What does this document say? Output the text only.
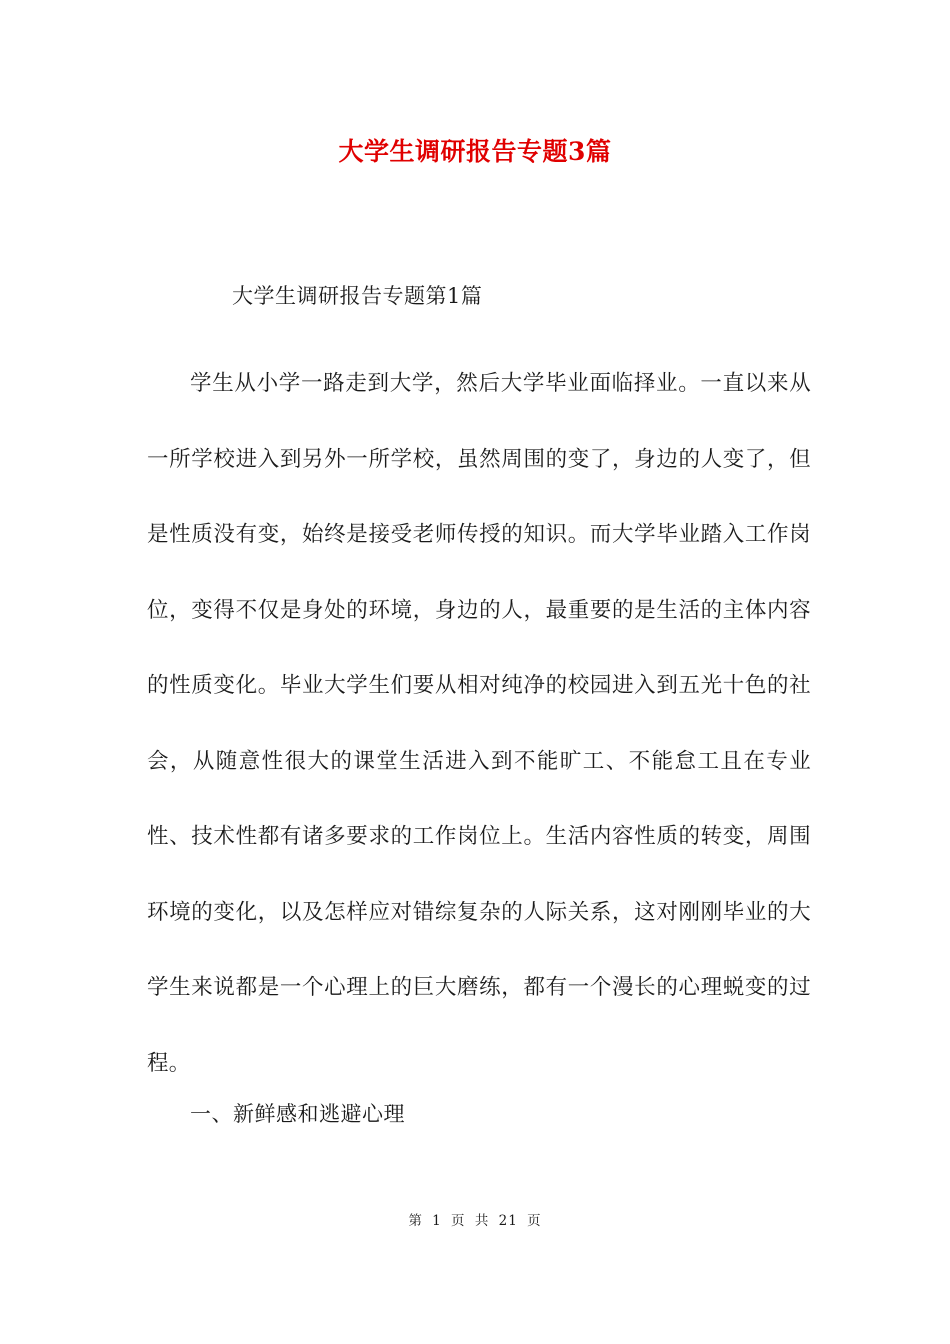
大学生调研报告专题3篇
大学生调研报告专题第1篇

学生从小学一路走到大学，然后大学毕业面临择业。一直以来从一所学校进入到另外一所学校，虽然周围的变了，身边的人变了，但是性质没有变，始终是接受老师传授的知识。而大学毕业踏入工作岗位，变得不仅是身处的环境，身边的人，最重要的是生活的主体内容的性质变化。毕业大学生们要从相对纯净的校园进入到五光十色的社会，从随意性很大的课堂生活进入到不能旷工、不能怠工且在专业性、技术性都有诸多要求的工作岗位上。生活内容性质的转变，周围环境的变化，以及怎样应对错综复杂的人际关系，这对刚刚毕业的大学生来说都是一个心理上的巨大磨练，都有一个漫长的心理蜕变的过程。

一、新鲜感和逃避心理
第 1 页 共 21 页
